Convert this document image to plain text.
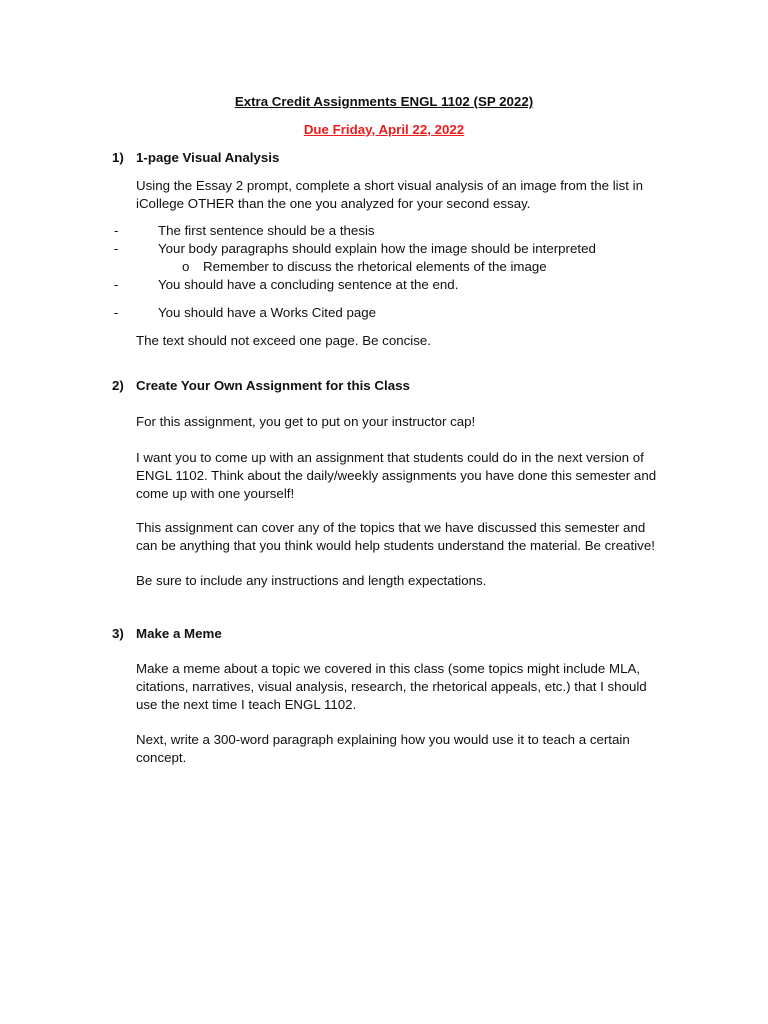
Extra Credit Assignments ENGL 1102 (SP 2022)
Due Friday, April 22, 2022
1) 1-page Visual Analysis
Using the Essay 2 prompt, complete a short visual analysis of an image from the list in
iCollege OTHER than the one you analyzed for your second essay.
-	The first sentence should be a thesis
-	Your body paragraphs should explain how the image should be interpreted
o Remember to discuss the rhetorical elements of the image
-	You should have a concluding sentence at the end.
-	You should have a Works Cited page
The text should not exceed one page. Be concise.
2) Create Your Own Assignment for this Class
For this assignment, you get to put on your instructor cap!
I want you to come up with an assignment that students could do in the next version of
ENGL 1102. Think about the daily/weekly assignments you have done this semester and
come up with one yourself!
This assignment can cover any of the topics that we have discussed this semester and
can be anything that you think would help students understand the material. Be creative!
Be sure to include any instructions and length expectations.
3) Make a Meme
Make a meme about a topic we covered in this class (some topics might include MLA,
citations, narratives, visual analysis, research, the rhetorical appeals, etc.) that I should
use the next time I teach ENGL 1102.
Next, write a 300-word paragraph explaining how you would use it to teach a certain
concept.
